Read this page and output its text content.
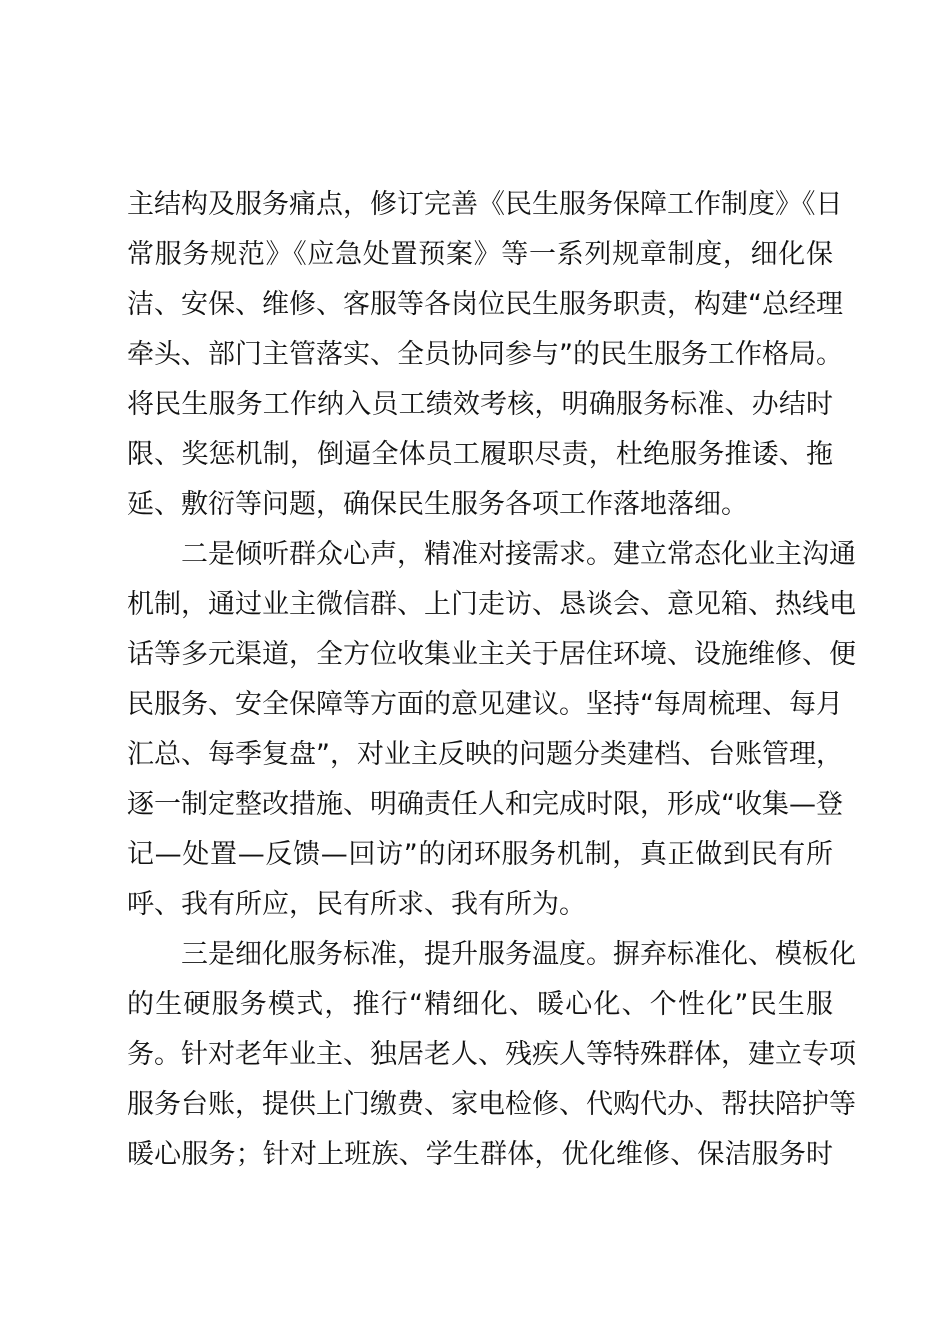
主结构及服务痛点，修订完善《民生服务保障工作制度》《日
常服务规范》《应急处置预案》等一系列规章制度，细化保
洁、安保、维修、客服等各岗位民生服务职责，构建“总经理
牵头、部门主管落实、全员协同参与”的民生服务工作格局。
将民生服务工作纳入员工绩效考核，明确服务标准、办结时
限、奖惩机制，倒逼全体员工履职尽责，杜绝服务推诿、拖
延、敷衍等问题，确保民生服务各项工作落地落细。
二是倾听群众心声，精准对接需求。建立常态化业主沟通
机制，通过业主微信群、上门走访、恳谈会、意见箱、热线电
话等多元渠道，全方位收集业主关于居住环境、设施维修、便
民服务、安全保障等方面的意见建议。坚持“每周梳理、每月
汇总、每季复盘”，对业主反映的问题分类建档、台账管理，
逐一制定整改措施、明确责任人和完成时限，形成“收集—登
记—处置—反馈—回访”的闭环服务机制，真正做到民有所
呼、我有所应，民有所求、我有所为。
三是细化服务标准，提升服务温度。摒弃标准化、模板化
的生硬服务模式，推行“精细化、暖心化、个性化”民生服
务。针对老年业主、独居老人、残疾人等特殊群体，建立专项
服务台账，提供上门缴费、家电检修、代购代办、帮扶陪护等
暖心服务；针对上班族、学生群体，优化维修、保洁服务时
